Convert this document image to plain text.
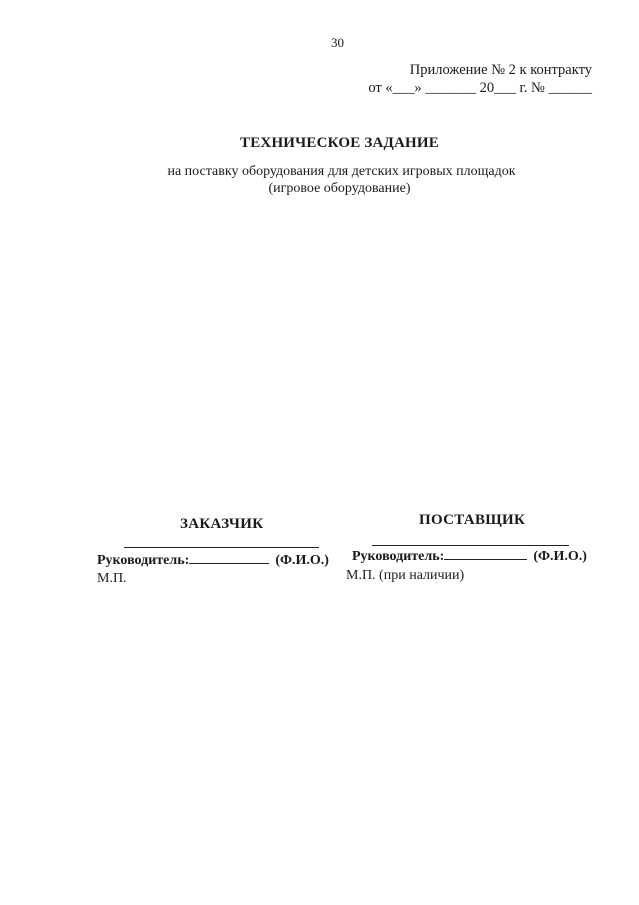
30
Приложение № 2 к контракту
от «___» _______ 20___ г. № ______
ТЕХНИЧЕСКОЕ ЗАДАНИЕ
на поставку оборудования для детских игровых площадок
(игровое оборудование)
ЗАКАЗЧИК	ПОСТАВЩИК
Руководитель:	(Ф.И.О.) Руководитель:	(Ф.И.О.)
М.П.	М.П. (при наличии)
